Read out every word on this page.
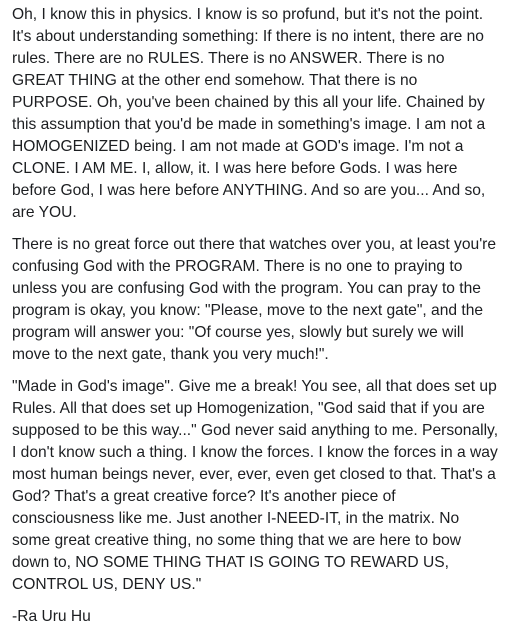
Oh, I know this in physics. I know is so profund, but it's not the point. It's about understanding something: If there is no intent, there are no rules. There are no RULES. There is no ANSWER. There is no GREAT THING at the other end somehow. That there is no PURPOSE. Oh, you've been chained by this all your life. Chained by this assumption that you'd be made in something's image. I am not a HOMOGENIZED being. I am not made at GOD's image. I'm not a CLONE. I AM ME. I, allow, it. I was here before Gods. I was here before God, I was here before ANYTHING. And so are you... And so, are YOU.

There is no great force out there that watches over you, at least you're confusing God with the PROGRAM. There is no one to praying to unless you are confusing God with the program. You can pray to the program is okay, you know: "Please, move to the next gate", and the program will answer you: "Of course yes, slowly but surely we will move to the next gate, thank you very much!".

"Made in God's image". Give me a break! You see, all that does set up Rules. All that does set up Homogenization, "God said that if you are supposed to be this way..." God never said anything to me. Personally, I don't know such a thing. I know the forces. I know the forces in a way most human beings never, ever, ever, even get closed to that. That's a God? That's a great creative force? It's another piece of consciousness like me. Just another I-NEED-IT, in the matrix. No some great creative thing, no some thing that we are here to bow down to, NO SOME THING THAT IS GOING TO REWARD US, CONTROL US, DENY US."

-Ra Uru Hu
